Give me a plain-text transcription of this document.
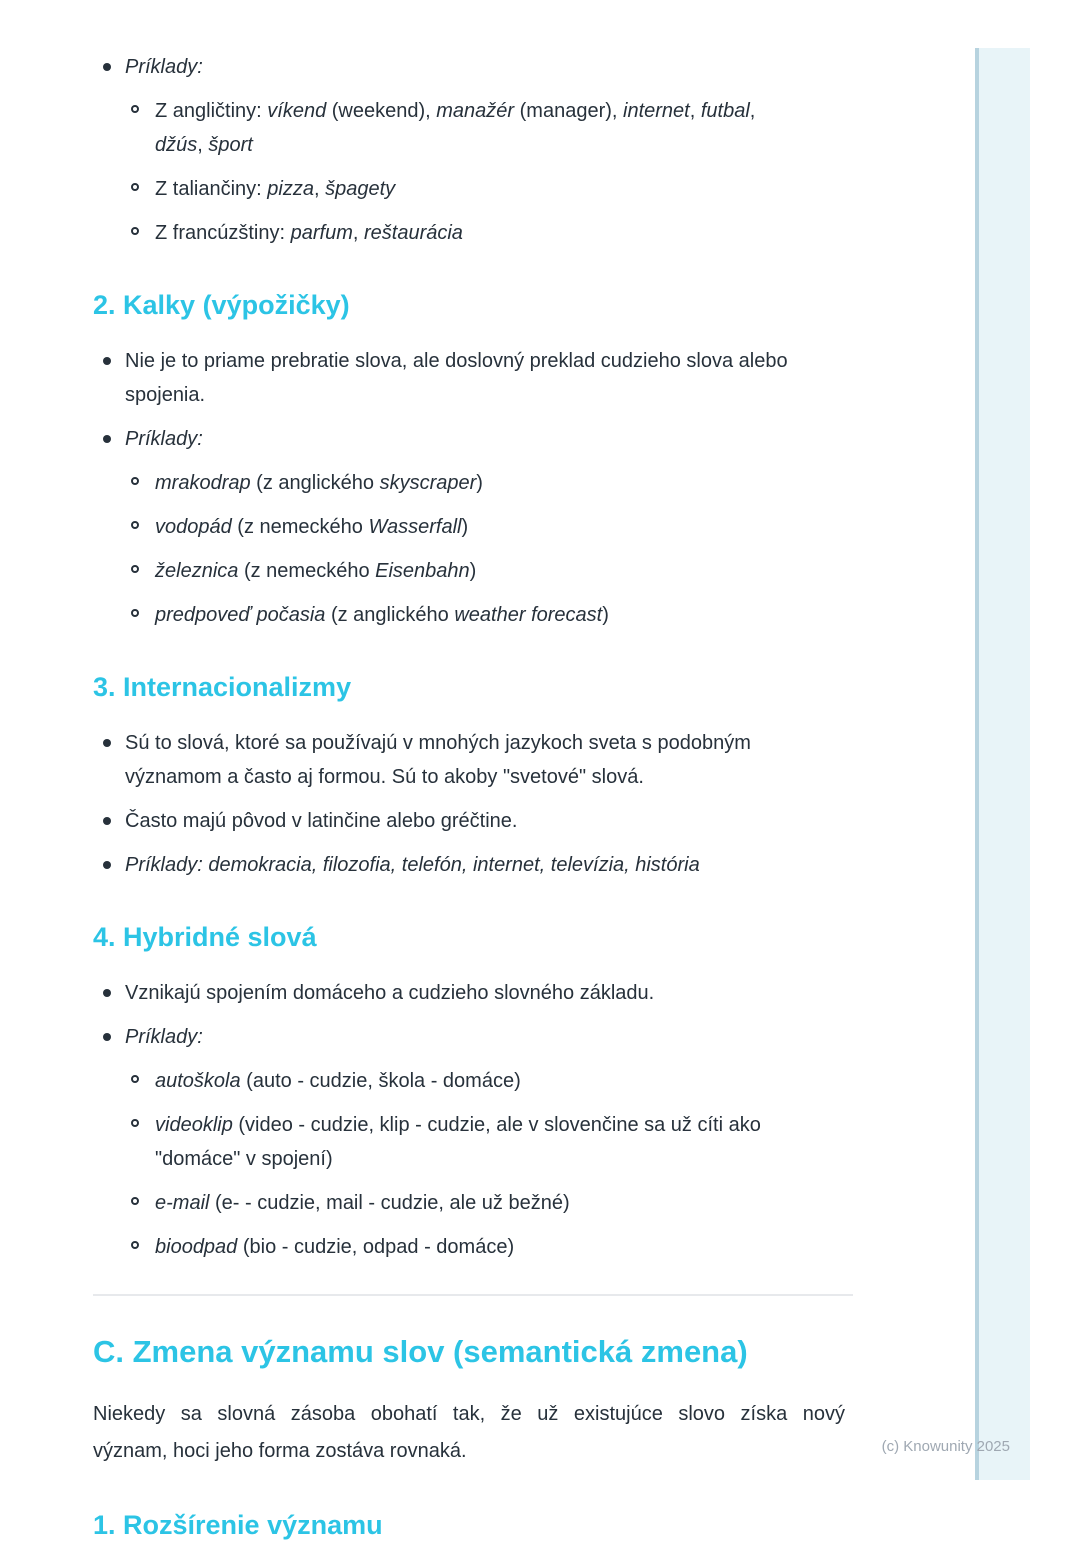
(c) Knowunity 2025
Príklady:
Z angličtiny: víkend (weekend), manažér (manager), internet, futbal,
džús, šport
Z taliančiny: pizza, špagety
Z francúzštiny: parfum, reštaurácia
2. Kalky (výpožičky)
Nie je to priame prebratie slova, ale doslovný preklad cudzieho slova alebo
spojenia.
Príklady:
mrakodrap (z anglického skyscraper)
vodopád (z nemeckého Wasserfall)
železnica (z nemeckého Eisenbahn)
predpoveď počasia (z anglického weather forecast)
3. Internacionalizmy
Sú to slová, ktoré sa používajú v mnohých jazykoch sveta s podobným
významom a často aj formou. Sú to akoby "svetové" slová.
Často majú pôvod v latinčine alebo gréčtine.
Príklady: demokracia, filozofia, telefón, internet, televízia, história
4. Hybridné slová
Vznikajú spojením domáceho a cudzieho slovného základu.
Príklady:
autoškola (auto - cudzie, škola - domáce)
videoklip (video - cudzie, klip - cudzie, ale v slovenčine sa už cíti ako
"domáce" v spojení)
e-mail (e- - cudzie, mail - cudzie, ale už bežné)
bioodpad (bio - cudzie, odpad - domáce)
C. Zmena významu slov (semantická zmena)
Niekedy sa slovná zásoba obohatí tak, že už existujúce slovo získa nový
význam, hoci jeho forma zostáva rovnaká.
1. Rozšírenie významu
